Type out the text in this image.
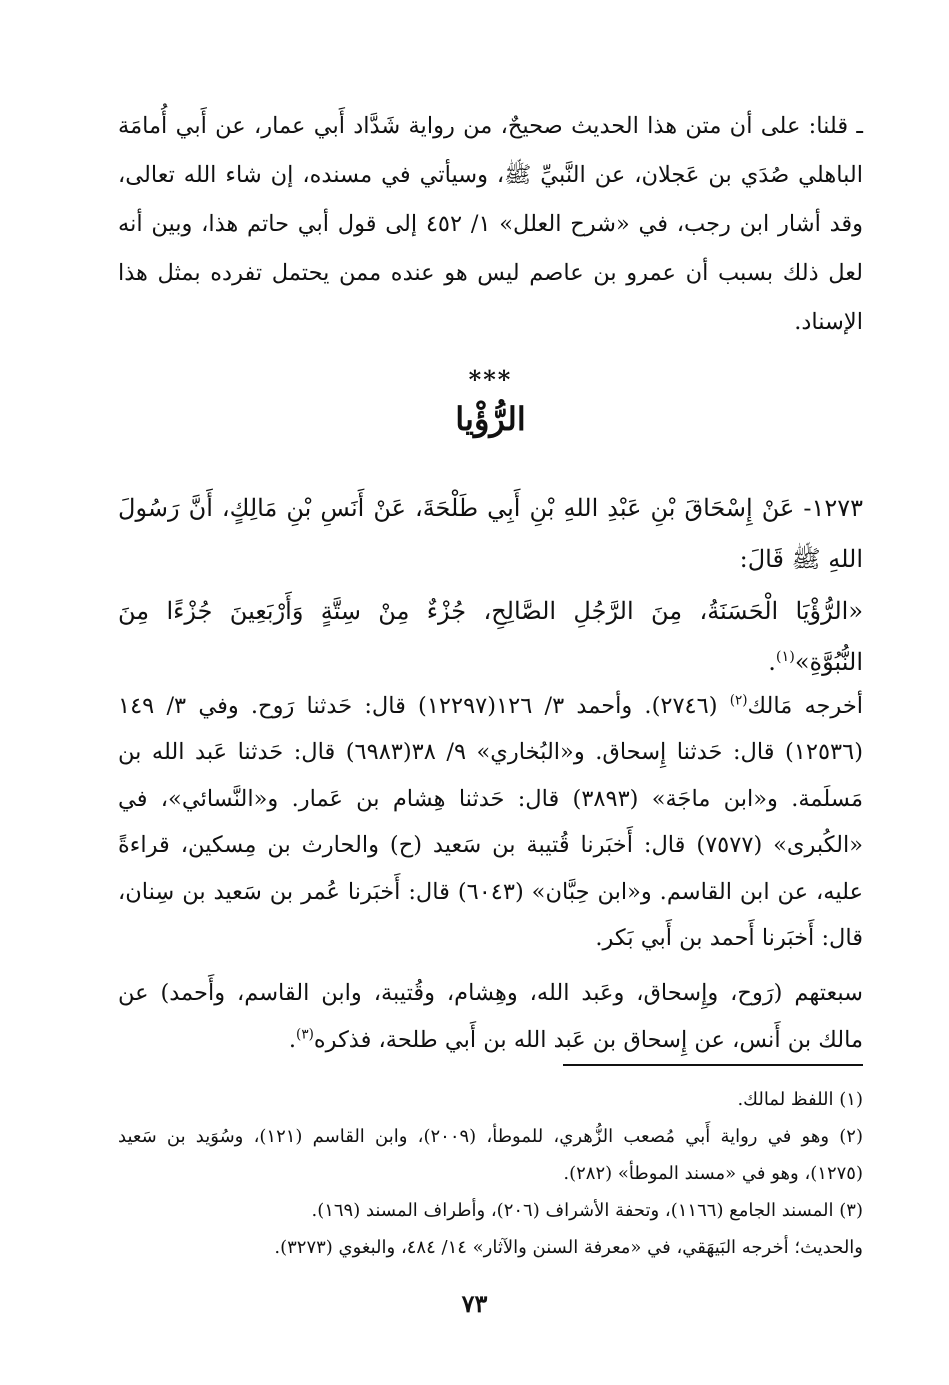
ـ قلنا: على أن متن هذا الحديث صحيحٌ، من رواية شَدَّاد أَبي عمار، عن أَبي أُمامَة الباهلي صُدَي بن عَجلان، عن النَّبيِّ ﷺ، وسيأتي في مسنده، إن شاء الله تعالى، وقد أشار ابن رجب، في «شرح العلل» ١/ ٤٥٢ إلى قول أبي حاتم هذا، وبين أنه لعل ذلك بسبب أن عمرو بن عاصم ليس هو عنده ممن يحتمل تفرده بمثل هذا الإسناد.

***
الرُّؤْيا

١٢٧٣- عَنْ إِسْحَاقَ بْنِ عَبْدِ اللهِ بْنِ أَبِي طَلْحَةَ، عَنْ أَنَسِ بْنِ مَالِكٍ، أَنَّ رَسُولَ اللهِ ﷺ قَالَ:

«الرُّؤْيَا الْحَسَنَةُ، مِنَ الرَّجُلِ الصَّالِحِ، جُزْءٌ مِنْ سِتَّةٍ وَأَرْبَعِينَ جُزْءًا مِنَ النُّبُوَّةِ»$^{(١)}$.

أخرجه مَالك$^{(٢)}$ (٢٧٤٦). وأحمد ٣/ ١٢٦(١٢٢٩٧) قال: حَدثنا رَوح. وفي ٣/ ١٤٩ (١٢٥٣٦) قال: حَدثنا إِسحاق. و«البُخاري» ٩/ ٣٨(٦٩٨٣) قال: حَدثنا عَبد الله بن مَسلَمة. و«ابن ماجَة» (٣٨٩٣) قال: حَدثنا هِشام بن عَمار. و«النَّسائي»، في «الكُبرى» (٧٥٧٧) قال: أَخبَرنا قُتيبة بن سَعيد (ح) والحارث بن مِسكين، قراءةً عليه، عن ابن القاسم. و«ابن حِبَّان» (٦٠٤٣) قال: أَخبَرنا عُمر بن سَعيد بن سِنان، قال: أَخبَرنا أَحمد بن أَبي بَكر.

سبعتهم (رَوح، وإِسحاق، وعَبد الله، وهِشام، وقُتيبة، وابن القاسم، وأَحمد) عن مالك بن أَنس، عن إِسحاق بن عَبد الله بن أَبي طلحة، فذكره$^{(٣)}$.

(١) اللفظ لمالك.

(٢) وهو في رواية أَبي مُصعب الزُّهري، للموطأ، (٢٠٠٩)، وابن القاسم (١٢١)، وسُوَيد بن سَعيد (١٢٧٥)، وهو في «مسند الموطأ» (٢٨٢).

(٣) المسند الجامع (١١٦٦)، وتحفة الأشراف (٢٠٦)، وأطراف المسند (١٦٩).

والحديث؛ أخرجه البَيهَقي، في «معرفة السنن والآثار» ١٤/ ٤٨٤، والبغوي (٣٢٧٣).

٧٣
